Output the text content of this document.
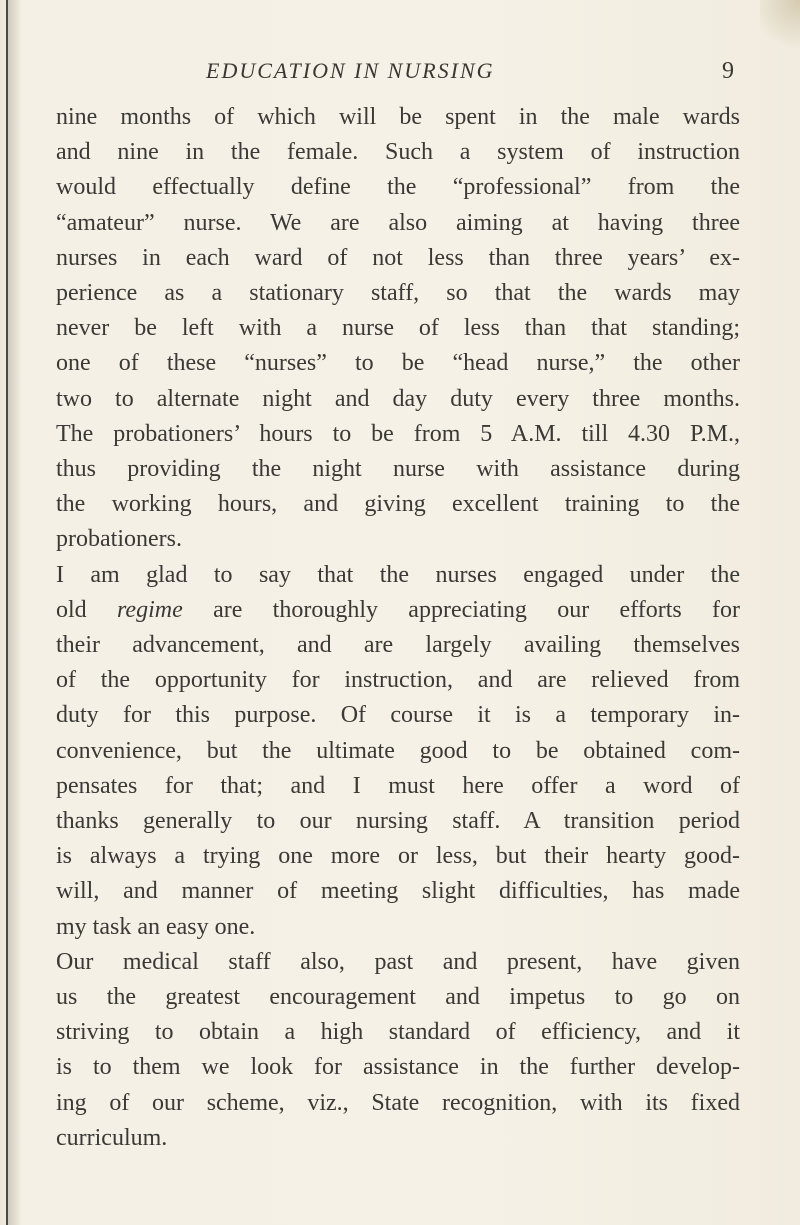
EDUCATION IN NURSING	9
nine months of which will be spent in the male wards
and nine in the female. Such a system of instruction
would effectually define the “professional” from the
“amateur” nurse. We are also aiming at having three
nurses in each ward of not less than three years’ ex-
perience as a stationary staff, so that the wards may
never be left with a nurse of less than that standing;
one of these “nurses” to be “head nurse,” the other
two to alternate night and day duty every three months.
The probationers’ hours to be from 5 A.M. till 4.30 P.M.,
thus providing the night nurse with assistance during
the working hours, and giving excellent training to the
probationers.
I am glad to say that the nurses engaged under the
old regime are thoroughly appreciating our efforts for
their advancement, and are largely availing themselves
of the opportunity for instruction, and are relieved from
duty for this purpose. Of course it is a temporary in-
convenience, but the ultimate good to be obtained com-
pensates for that; and I must here offer a word of
thanks generally to our nursing staff. A transition period
is always a trying one more or less, but their hearty good-
will, and manner of meeting slight difficulties, has made
my task an easy one.
Our medical staff also, past and present, have given
us the greatest encouragement and impetus to go on
striving to obtain a high standard of efficiency, and it
is to them we look for assistance in the further develop-
ing of our scheme, viz., State recognition, with its fixed
curriculum.
